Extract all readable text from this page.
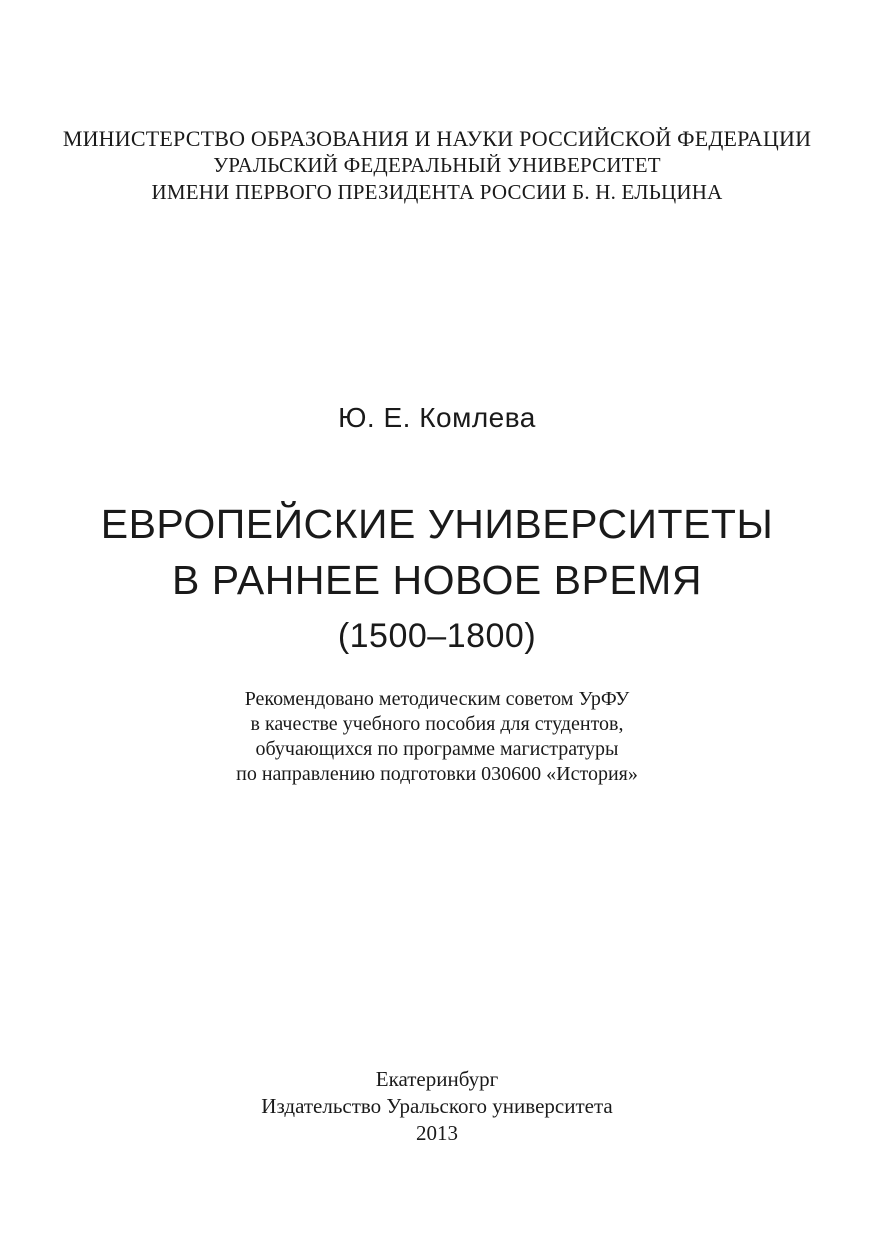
МИНИСТЕРСТВО ОБРАЗОВАНИЯ И НАУКИ РОССИЙСКОЙ ФЕДЕРАЦИИ
УРАЛЬСКИЙ ФЕДЕРАЛЬНЫЙ УНИВЕРСИТЕТ
ИМЕНИ ПЕРВОГО ПРЕЗИДЕНТА РОССИИ Б. Н. ЕЛЬЦИНА
Ю. Е. Комлева
ЕВРОПЕЙСКИЕ УНИВЕРСИТЕТЫ
В РАННЕЕ НОВОЕ ВРЕМЯ
(1500–1800)
Рекомендовано методическим советом УрФУ
в качестве учебного пособия для студентов,
обучающихся по программе магистратуры
по направлению подготовки 030600 «История»
Екатеринбург
Издательство Уральского университета
2013
